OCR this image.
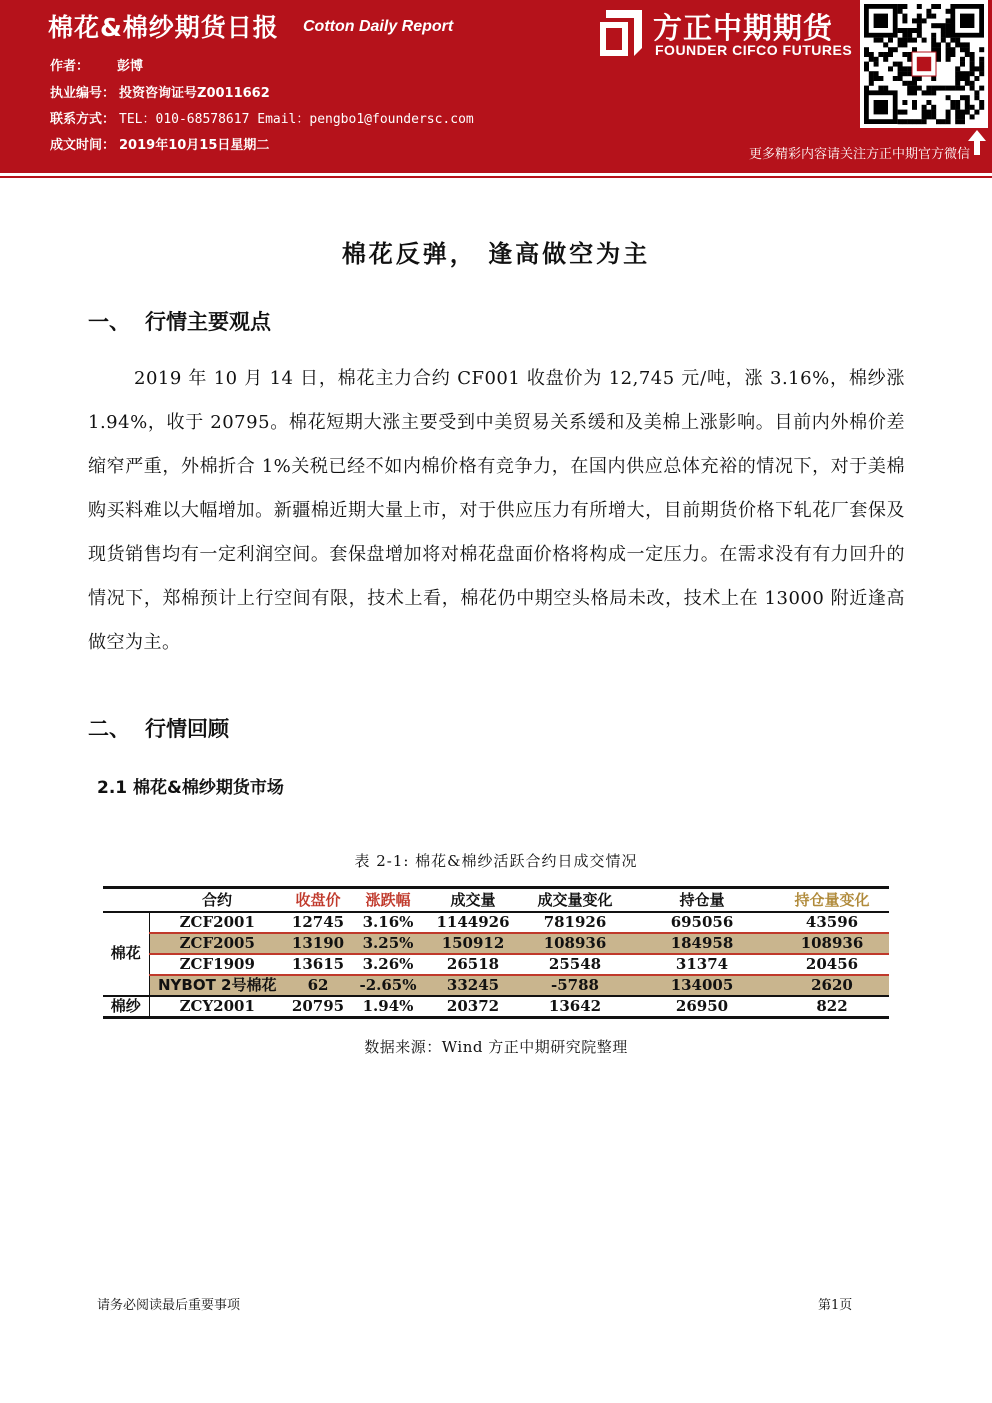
棉花&棉纱期货日报 Cotton Daily Report
作者： 彭博
执业编号： 投资咨询证号Z0011662
联系方式： TEL：010-68578617 Email：pengbo1@foundersc.com
成文时间： 2019年10月15日星期二
方正中期期货
FOUNDER CIFCO FUTURES
更多精彩内容请关注方正中期官方微信
棉花反弹， 逢高做空为主
一、 行情主要观点

2019 年 10 月 14 日，棉花主力合约 CF001 收盘价为 12,745 元/吨，涨 3.16%，棉纱涨 1.94%，收于 20795。棉花短期大涨主要受到中美贸易关系缓和及美棉上涨影响。目前内外棉价差缩窄严重，外棉折合 1%关税已经不如内棉价格有竞争力，在国内供应总体充裕的情况下，对于美棉购买料难以大幅增加。新疆棉近期大量上市，对于供应压力有所增大，目前期货价格下轧花厂套保及现货销售均有一定利润空间。套保盘增加将对棉花盘面价格将构成一定压力。在需求没有有力回升的情况下，郑棉预计上行空间有限，技术上看，棉花仍中期空头格局未改，技术上在 13000 附近逢高做空为主。

二、 行情回顾
2.1 棉花&棉纱期货市场
表 2-1: 棉花&棉纱活跃合约日成交情况
	合约	收盘价	涨跌幅	成交量	成交量变化	持仓量	持仓量变化
棉花	ZCF2001	12745	3.16%	1144926	781926	695056	43596
	ZCF2005	13190	3.25%	150912	108936	184958	108936
	ZCF1909	13615	3.26%	26518	25548	31374	20456
	NYBOT 2号棉花	62	-2.65%	33245	-5788	134005	2620
棉纱	ZCY2001	20795	1.94%	20372	13642	26950	822
数据来源：Wind 方正中期研究院整理
请务必阅读最后重要事项	第1页
